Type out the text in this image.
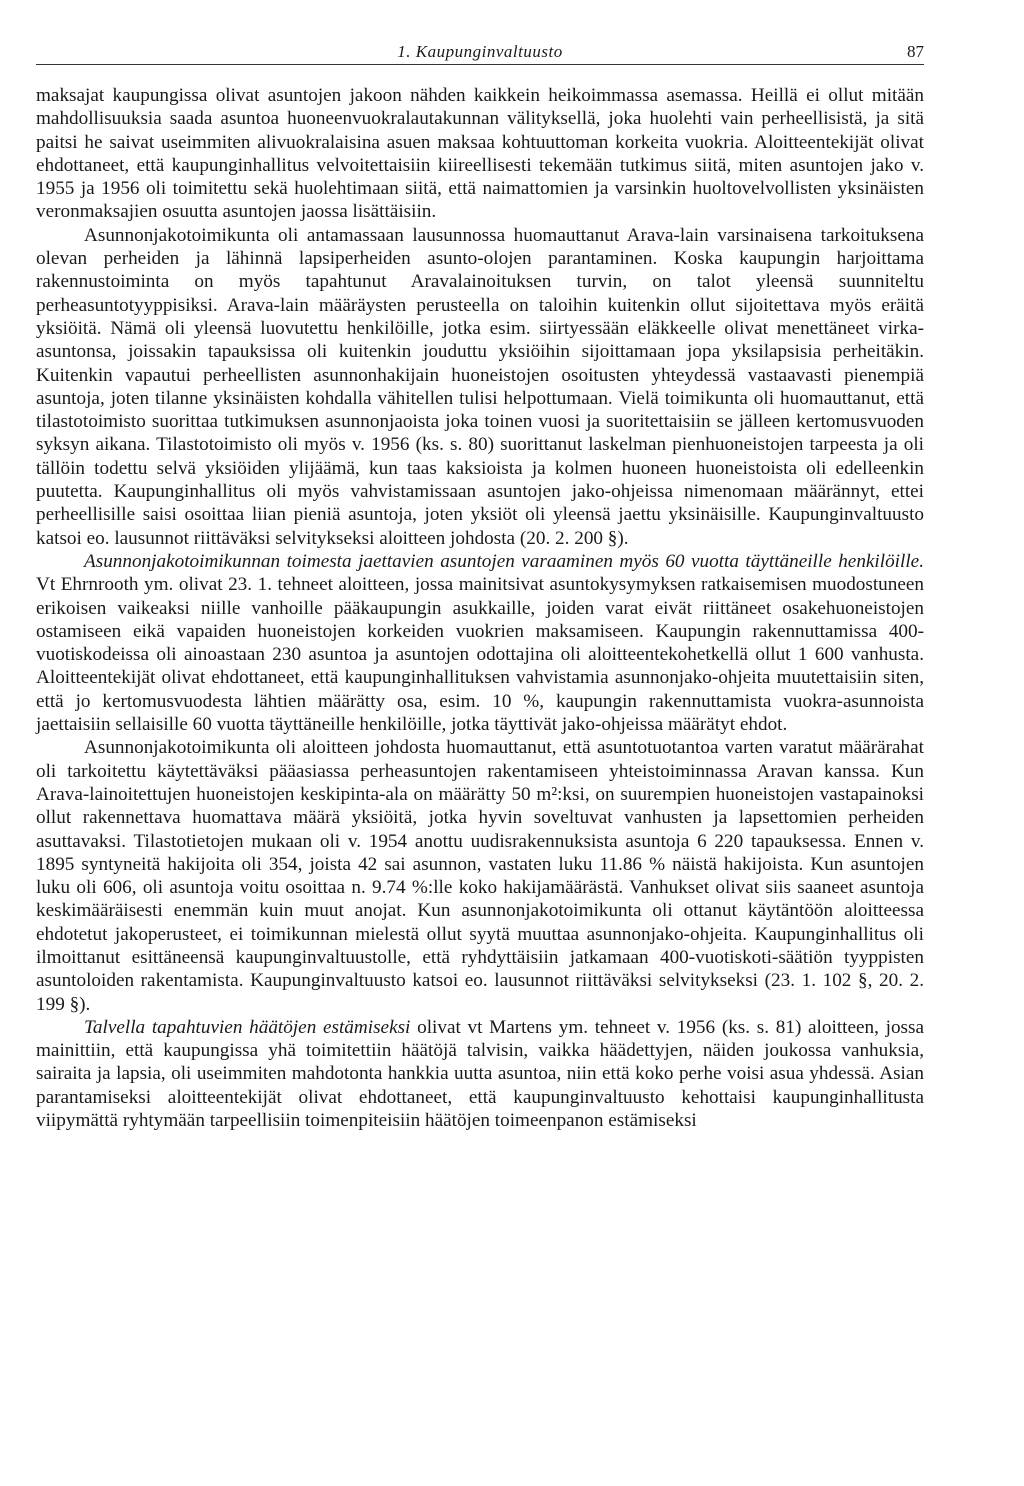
1. Kaupunginvaltuusto	87

maksajat kaupungissa olivat asuntojen jakoon nähden kaikkein heikoimmassa asemassa. Heillä ei ollut mitään mahdollisuuksia saada asuntoa huoneenvuokralautakunnan välityksellä, joka huolehti vain perheellisistä, ja sitä paitsi he saivat useimmiten alivuokralaisina asuen maksaa kohtuuttoman korkeita vuokria. Aloitteentekijät olivat ehdottaneet, että kaupunginhallitus velvoitettaisiin kiireellisesti tekemään tutkimus siitä, miten asuntojen jako v. 1955 ja 1956 oli toimitettu sekä huolehtimaan siitä, että naimattomien ja varsinkin huoltovelvollisten yksinäisten veronmaksajien osuutta asuntojen jaossa lisättäisiin.

Asunnonjakotoimikunta oli antamassaan lausunnossa huomauttanut Arava-lain varsinaisena tarkoituksena olevan perheiden ja lähinnä lapsiperheiden asunto-olojen parantaminen. Koska kaupungin harjoittama rakennustoiminta on myös tapahtunut Aravalainoituksen turvin, on talot yleensä suunniteltu perheasuntotyyppisiksi. Arava-lain määräysten perusteella on taloihin kuitenkin ollut sijoitettava myös eräitä yksiöitä. Nämä oli yleensä luovutettu henkilöille, jotka esim. siirtyessään eläkkeelle olivat menettäneet virka-asuntonsa, joissakin tapauksissa oli kuitenkin jouduttu yksiöihin sijoittamaan jopa yksilapsisia perheitäkin. Kuitenkin vapautui perheellisten asunnonhakijain huoneistojen osoitusten yhteydessä vastaavasti pienempiä asuntoja, joten tilanne yksinäisten kohdalla vähitellen tulisi helpottumaan. Vielä toimikunta oli huomauttanut, että tilastotoimisto suorittaa tutkimuksen asunnonjaoista joka toinen vuosi ja suoritettaisiin se jälleen kertomusvuoden syksyn aikana. Tilastotoimisto oli myös v. 1956 (ks. s. 80) suorittanut laskelman pienhuoneistojen tarpeesta ja oli tällöin todettu selvä yksiöiden ylijäämä, kun taas kaksioista ja kolmen huoneen huoneistoista oli edelleenkin puutetta. Kaupunginhallitus oli myös vahvistamissaan asuntojen jako-ohjeissa nimenomaan määrännyt, ettei perheellisille saisi osoittaa liian pieniä asuntoja, joten yksiöt oli yleensä jaettu yksinäisille. Kaupunginvaltuusto katsoi eo. lausunnot riittäväksi selvitykseksi aloitteen johdosta (20. 2. 200 §).

Asunnonjakotoimikunnan toimesta jaettavien asuntojen varaaminen myös 60 vuotta täyttäneille henkilöille. Vt Ehrnrooth ym. olivat 23. 1. tehneet aloitteen, jossa mainitsivat asuntokysymyksen ratkaisemisen muodostuneen erikoisen vaikeaksi niille vanhoille pääkaupungin asukkaille, joiden varat eivät riittäneet osakehuoneistojen ostamiseen eikä vapaiden huoneistojen korkeiden vuokrien maksamiseen. Kaupungin rakennuttamissa 400-vuotiskodeissa oli ainoastaan 230 asuntoa ja asuntojen odottajina oli aloitteentekohetkellä ollut 1 600 vanhusta. Aloitteentekijät olivat ehdottaneet, että kaupunginhallituksen vahvistamia asunnonjako-ohjeita muutettaisiin siten, että jo kertomusvuodesta lähtien määrätty osa, esim. 10 %, kaupungin rakennuttamista vuokra-asunnoista jaettaisiin sellaisille 60 vuotta täyttäneille henkilöille, jotka täyttivät jako-ohjeissa määrätyt ehdot.

Asunnonjakotoimikunta oli aloitteen johdosta huomauttanut, että asuntotuotantoa varten varatut määrärahat oli tarkoitettu käytettäväksi pääasiassa perheasuntojen rakentamiseen yhteistoiminnassa Aravan kanssa. Kun Arava-lainoitettujen huoneistojen keskipinta-ala on määrätty 50 m²:ksi, on suurempien huoneistojen vastapainoksi ollut rakennettava huomattava määrä yksiöitä, jotka hyvin soveltuvat vanhusten ja lapsettomien perheiden asuttavaksi. Tilastotietojen mukaan oli v. 1954 anottu uudisrakennuksista asuntoja 6 220 tapauksessa. Ennen v. 1895 syntyneitä hakijoita oli 354, joista 42 sai asunnon, vastaten luku 11.86 % näistä hakijoista. Kun asuntojen luku oli 606, oli asuntoja voitu osoittaa n. 9.74 %:lle koko hakijamäärästä. Vanhukset olivat siis saaneet asuntoja keskimääräisesti enemmän kuin muut anojat. Kun asunnonjakotoimikunta oli ottanut käytäntöön aloitteessa ehdotetut jakoperusteet, ei toimikunnan mielestä ollut syytä muuttaa asunnonjako-ohjeita. Kaupunginhallitus oli ilmoittanut esittäneensä kaupunginvaltuustolle, että ryhdyttäisiin jatkamaan 400-vuotiskoti-säätiön tyyppisten asuntoloiden rakentamista. Kaupunginvaltuusto katsoi eo. lausunnot riittäväksi selvitykseksi (23. 1. 102 §, 20. 2. 199 §).

Talvella tapahtuvien häätöjen estämiseksi olivat vt Martens ym. tehneet v. 1956 (ks. s. 81) aloitteen, jossa mainittiin, että kaupungissa yhä toimitettiin häätöjä talvisin, vaikka häädettyjen, näiden joukossa vanhuksia, sairaita ja lapsia, oli useimmiten mahdotonta hankkia uutta asuntoa, niin että koko perhe voisi asua yhdessä. Asian parantamiseksi aloitteentekijät olivat ehdottaneet, että kaupunginvaltuusto kehottaisi kaupunginhallitusta viipymättä ryhtymään tarpeellisiin toimenpiteisiin häätöjen toimeenpanon estämiseksi
